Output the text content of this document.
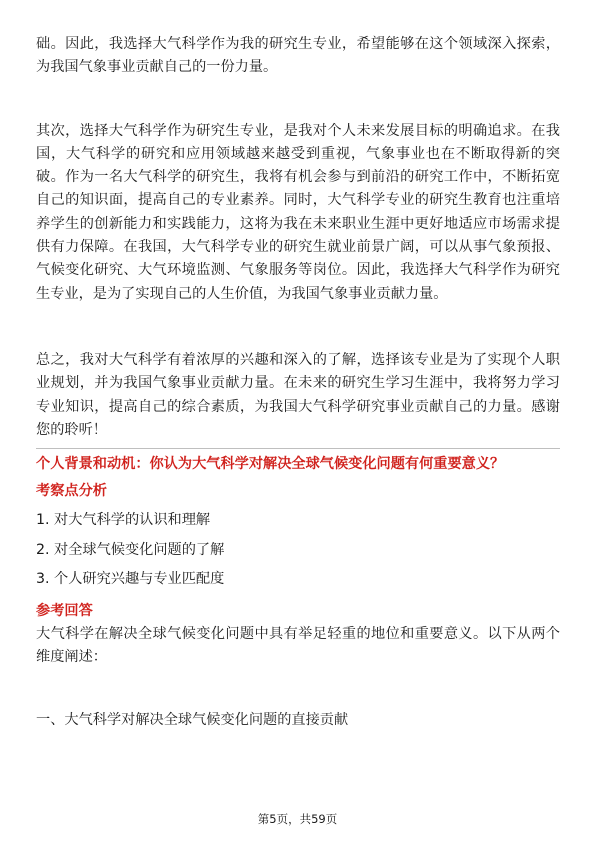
础。因此，我选择大气科学作为我的研究生专业，希望能够在这个领域深入探索，为我国气象事业贡献自己的一份力量。

其次，选择大气科学作为研究生专业，是我对个人未来发展目标的明确追求。在我国，大气科学的研究和应用领域越来越受到重视，气象事业也在不断取得新的突破。作为一名大气科学的研究生，我将有机会参与到前沿的研究工作中，不断拓宽自己的知识面，提高自己的专业素养。同时，大气科学专业的研究生教育也注重培养学生的创新能力和实践能力，这将为我在未来职业生涯中更好地适应市场需求提供有力保障。在我国，大气科学专业的研究生就业前景广阔，可以从事气象预报、气候变化研究、大气环境监测、气象服务等岗位。因此，我选择大气科学作为研究生专业，是为了实现自己的人生价值，为我国气象事业贡献力量。

总之，我对大气科学有着浓厚的兴趣和深入的了解，选择该专业是为了实现个人职业规划，并为我国气象事业贡献力量。在未来的研究生学习生涯中，我将努力学习专业知识，提高自己的综合素质，为我国大气科学研究事业贡献自己的力量。感谢您的聆听！

个人背景和动机：你认为大气科学对解决全球气候变化问题有何重要意义？

考察点分析

1. 对大气科学的认识和理解

2. 对全球气候变化问题的了解

3. 个人研究兴趣与专业匹配度

参考回答

大气科学在解决全球气候变化问题中具有举足轻重的地位和重要意义。以下从两个维度阐述：

一、大气科学对解决全球气候变化问题的直接贡献

第5页，共59页
